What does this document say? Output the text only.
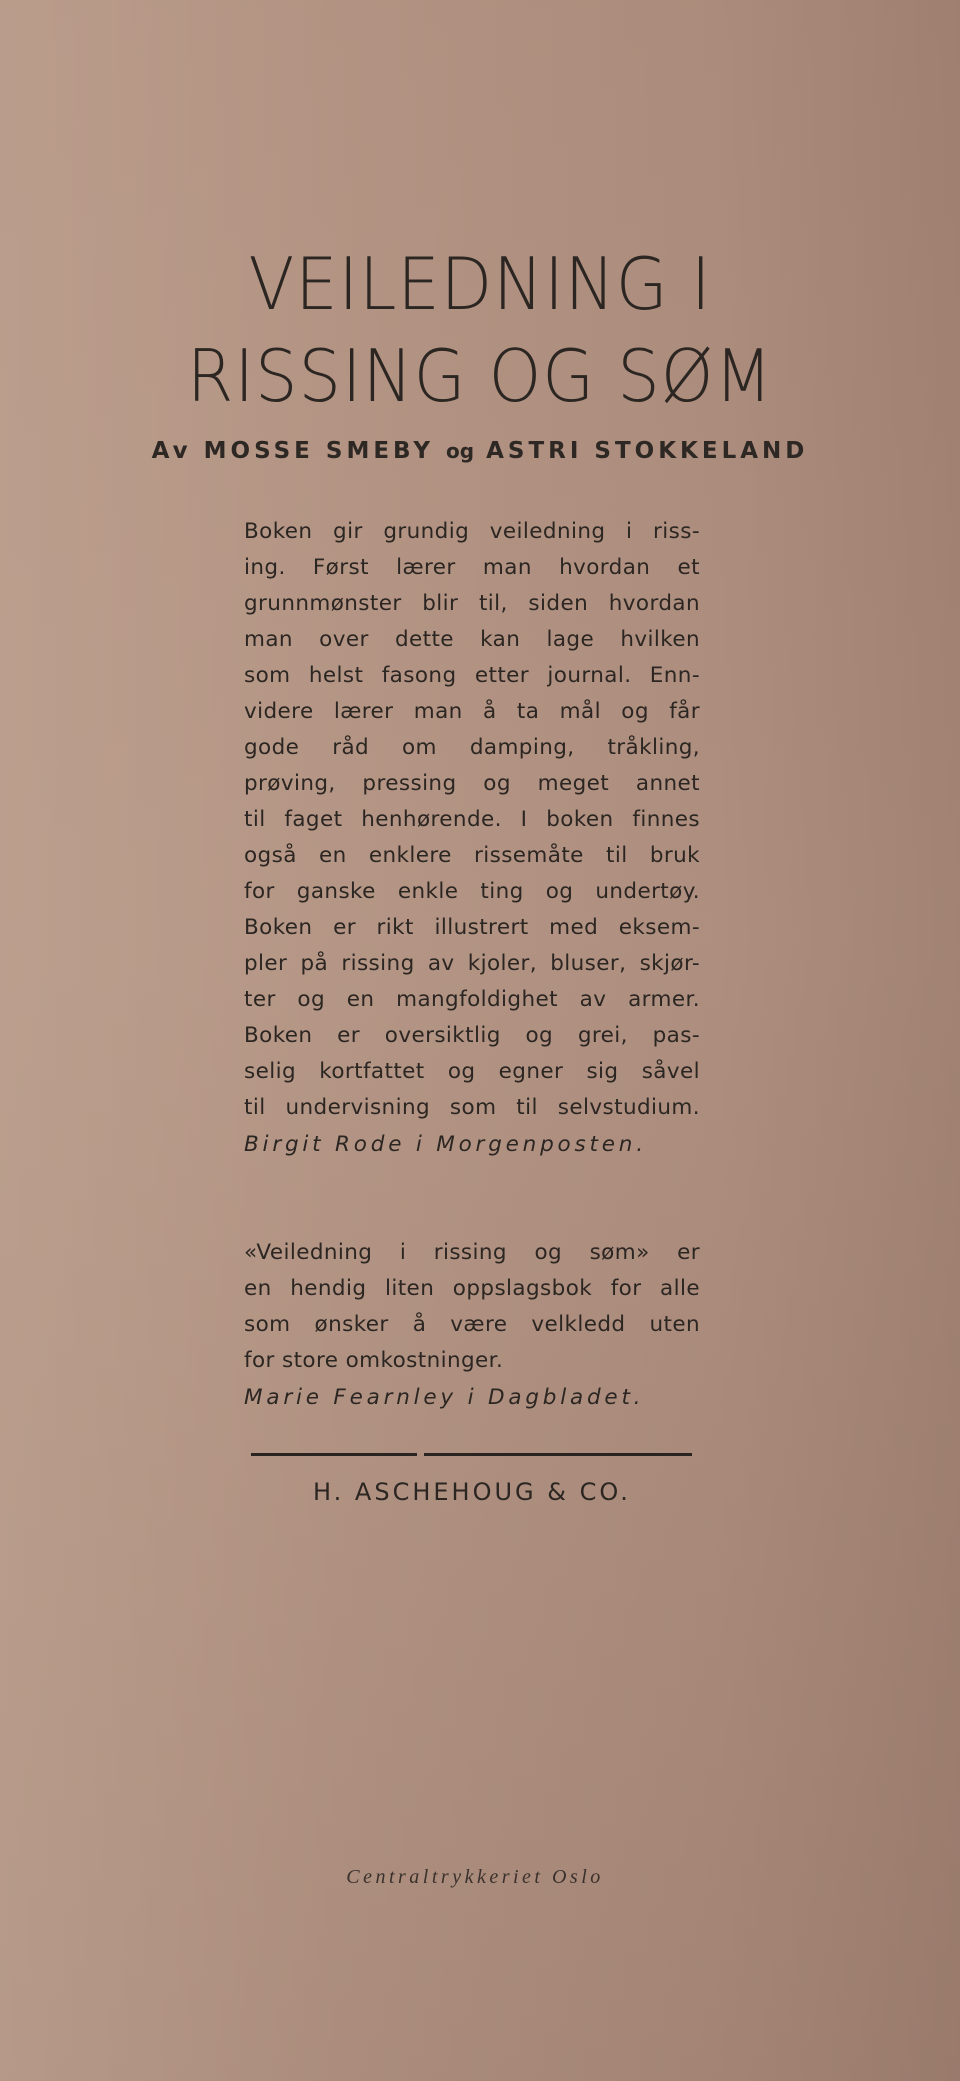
VEILEDNING I
RISSING OG SØM
Av MOSSE SMEBY og ASTRI STOKKELAND
Boken gir grundig veiledning i riss-
ing. Først lærer man hvordan et
grunnmønster blir til, siden hvordan
man over dette kan lage hvilken
som helst fasong etter journal. Enn-
videre lærer man å ta mål og får
gode råd om damping, tråkling,
prøving, pressing og meget annet
til faget henhørende. I boken finnes
også en enklere rissemåte til bruk
for ganske enkle ting og undertøy.
Boken er rikt illustrert med eksem-
pler på rissing av kjoler, bluser, skjør-
ter og en mangfoldighet av armer.
Boken er oversiktlig og grei, pas-
selig kortfattet og egner sig såvel
til undervisning som til selvstudium.
Birgit Rode i Morgenposten.
«Veiledning i rissing og søm» er
en hendig liten oppslagsbok for alle
som ønsker å være velkledd uten
for store omkostninger.
Marie Fearnley i Dagbladet.
H. ASCHEHOUG & CO.
Centraltrykkeriet Oslo
